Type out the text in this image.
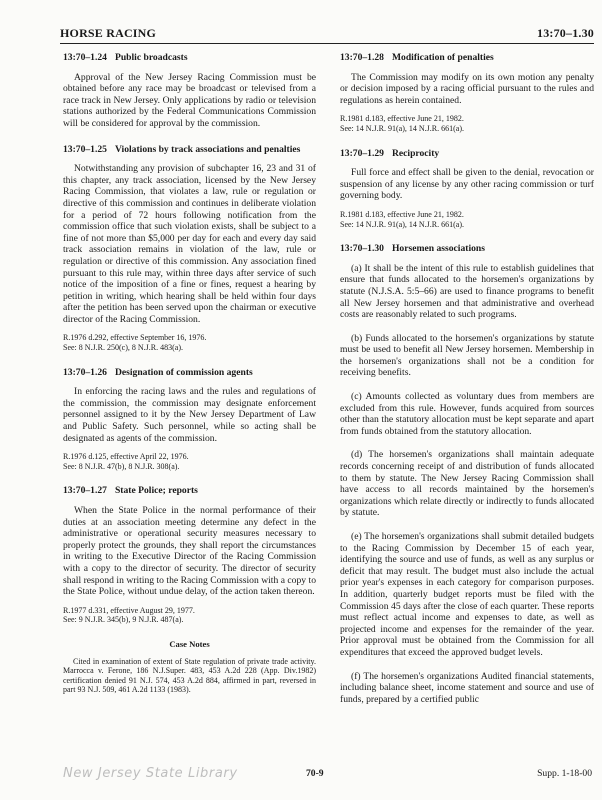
HORSE RACING	13:70–1.30
13:70–1.24 Public broadcasts

Approval of the New Jersey Racing Commission must be obtained before any race may be broadcast or televised from a race track in New Jersey. Only applications by radio or television stations authorized by the Federal Communications Commission will be considered for approval by the commission.

13:70–1.25 Violations by track associations and penalties

Notwithstanding any provision of subchapter 16, 23 and 31 of this chapter, any track association, licensed by the New Jersey Racing Commission, that violates a law, rule or regulation or directive of this commission and continues in deliberate violation for a period of 72 hours following notification from the commission office that such violation exists, shall be subject to a fine of not more than $5,000 per day for each and every day said track association remains in violation of the law, rule or regulation or directive of this commission. Any association fined pursuant to this rule may, within three days after service of such notice of the imposition of a fine or fines, request a hearing by petition in writing, which hearing shall be held within four days after the petition has been served upon the chairman or executive director of the Racing Commission.

R.1976 d.292, effective September 16, 1976.
See: 8 N.J.R. 250(c), 8 N.J.R. 483(a).
13:70–1.26 Designation of commission agents

In enforcing the racing laws and the rules and regulations of the commission, the commission may designate enforcement personnel assigned to it by the New Jersey Department of Law and Public Safety. Such personnel, while so acting shall be designated as agents of the commission.

R.1976 d.125, effective April 22, 1976.
See: 8 N.J.R. 47(b), 8 N.J.R. 308(a).
13:70–1.27 State Police; reports

When the State Police in the normal performance of their duties at an association meeting determine any defect in the administrative or operational security measures necessary to properly protect the grounds, they shall report the circumstances in writing to the Executive Director of the Racing Commission with a copy to the director of security. The director of security shall respond in writing to the Racing Commission with a copy to the State Police, without undue delay, of the action taken thereon.

R.1977 d.331, effective August 29, 1977.
See: 9 N.J.R. 345(b), 9 N.J.R. 487(a).
Case Notes

Cited in examination of extent of State regulation of private trade activity. Marrocca v. Ferone, 186 N.J.Super. 483, 453 A.2d 228 (App. Div.1982) certification denied 91 N.J. 574, 453 A.2d 884, affirmed in part, reversed in part 93 N.J. 509, 461 A.2d 1133 (1983).

13:70–1.28 Modification of penalties

The Commission may modify on its own motion any penalty or decision imposed by a racing official pursuant to the rules and regulations as herein contained.

R.1981 d.183, effective June 21, 1982.
See: 14 N.J.R. 91(a), 14 N.J.R. 661(a).
13:70–1.29 Reciprocity

Full force and effect shall be given to the denial, revocation or suspension of any license by any other racing commission or turf governing body.

R.1981 d.183, effective June 21, 1982.
See: 14 N.J.R. 91(a), 14 N.J.R. 661(a).
13:70–1.30 Horsemen associations

(a) It shall be the intent of this rule to establish guidelines that ensure that funds allocated to the horsemen's organizations by statute (N.J.S.A. 5:5–66) are used to finance programs to benefit all New Jersey horsemen and that administrative and overhead costs are reasonably related to such programs.

(b) Funds allocated to the horsemen's organizations by statute must be used to benefit all New Jersey horsemen. Membership in the horsemen's organizations shall not be a condition for receiving benefits.

(c) Amounts collected as voluntary dues from members are excluded from this rule. However, funds acquired from sources other than the statutory allocation must be kept separate and apart from funds obtained from the statutory allocation.

(d) The horsemen's organizations shall maintain adequate records concerning receipt of and distribution of funds allocated to them by statute. The New Jersey Racing Commission shall have access to all records maintained by the horsemen's organizations which relate directly or indirectly to funds allocated by statute.

(e) The horsemen's organizations shall submit detailed budgets to the Racing Commission by December 15 of each year, identifying the source and use of funds, as well as any surplus or deficit that may result. The budget must also include the actual prior year's expenses in each category for comparison purposes. In addition, quarterly budget reports must be filed with the Commission 45 days after the close of each quarter. These reports must reflect actual income and expenses to date, as well as projected income and expenses for the remainder of the year. Prior approval must be obtained from the Commission for all expenditures that exceed the approved budget levels.

(f) The horsemen's organizations Audited financial statements, including balance sheet, income statement and source and use of funds, prepared by a certified public

New Jersey State Library	70-9	Supp. 1-18-00
